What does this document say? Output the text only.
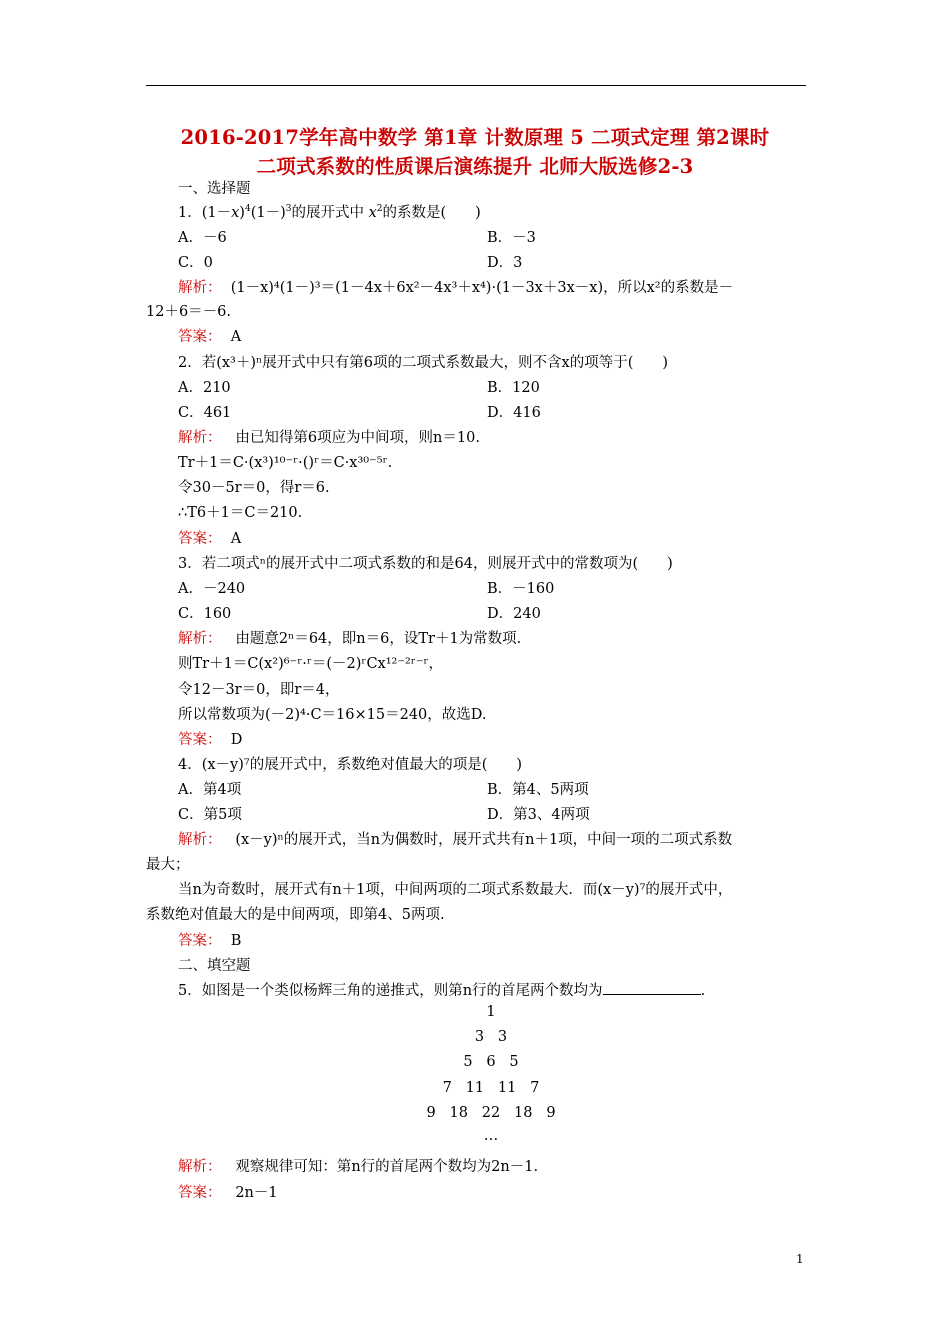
2016-2017学年高中数学 第1章 计数原理 5 二项式定理 第2课时
二项式系数的性质课后演练提升 北师大版选修2-3
一、选择题
1．$(1-x)^4(1-)^3$的展开式中 $x^2$的系数是(　　)
A．－6	B．－3
C．0	D．3
解析： (1－x)⁴(1－)³＝(1－4x＋6x²－4x³＋x⁴)·(1－3x＋3x－x)，所以x²的系数是－
12＋6＝－6.
答案： A
2．若(x³＋)ⁿ展开式中只有第6项的二项式系数最大，则不含x的项等于(　　)
A．210	B．120
C．461	D．416
解析： 由已知得第6项应为中间项，则n＝10.
Tr＋1＝C·(x³)¹⁰⁻ʳ·()ʳ＝C·x³⁰⁻⁵ʳ.
令30－5r＝0，得r＝6.
∴T6＋1＝C＝210.
答案： A
3．若二项式ⁿ的展开式中二项式系数的和是64，则展开式中的常数项为(　　)
A．－240	B．－160
C．160	D．240
解析： 由题意2ⁿ＝64，即n＝6，设Tr＋1为常数项.
则Tr＋1＝C(x²)⁶⁻ʳ·ʳ＝(－2)ʳCx¹²⁻²ʳ⁻ʳ，
令12－3r＝0，即r＝4，
所以常数项为(－2)⁴·C＝16×15＝240，故选D.
答案： D
4．(x－y)⁷的展开式中，系数绝对值最大的项是(　　)
A．第4项	B．第4、5两项
C．第5项	D．第3、4两项
解析： (x－y)ⁿ的展开式，当n为偶数时，展开式共有n＋1项，中间一项的二项式系数
最大；
当n为奇数时，展开式有n＋1项，中间两项的二项式系数最大．而(x－y)⁷的展开式中，
系数绝对值最大的是中间两项，即第4、5两项.
答案： B
二、填空题
5．如图是一个类似杨辉三角的递推式，则第n行的首尾两个数均为	.
1
3   3
5   6   5
7   11   11   7
9   18   22   18   9
…
解析： 观察规律可知：第n行的首尾两个数均为2n－1.
答案： 2n－1
1
